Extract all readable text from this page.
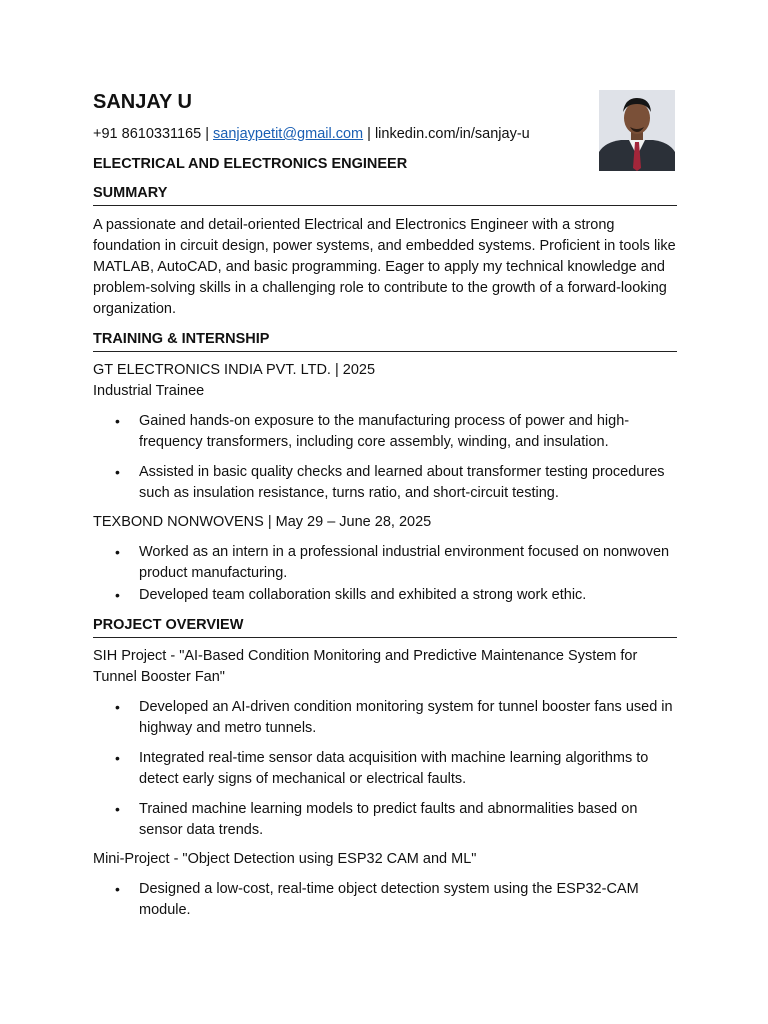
SANJAY U
+91 8610331165 | sanjaypetit@gmail.com | linkedin.com/in/sanjay-u
ELECTRICAL AND ELECTRONICS ENGINEER
SUMMARY
A passionate and detail-oriented Electrical and Electronics Engineer with a strong foundation in circuit design, power systems, and embedded systems. Proficient in tools like MATLAB, AutoCAD, and basic programming. Eager to apply my technical knowledge and problem-solving skills in a challenging role to contribute to the growth of a forward-looking organization.
TRAINING & INTERNSHIP
GT ELECTRONICS INDIA PVT. LTD. | 2025
Industrial Trainee
• Gained hands-on exposure to the manufacturing process of power and high-frequency transformers, including core assembly, winding, and insulation.
• Assisted in basic quality checks and learned about transformer testing procedures such as insulation resistance, turns ratio, and short-circuit testing.
TEXBOND NONWOVENS | May 29 – June 28, 2025
• Worked as an intern in a professional industrial environment focused on nonwoven product manufacturing.
• Developed team collaboration skills and exhibited a strong work ethic.
PROJECT OVERVIEW
SIH Project - "AI-Based Condition Monitoring and Predictive Maintenance System for Tunnel Booster Fan"
• Developed an AI-driven condition monitoring system for tunnel booster fans used in highway and metro tunnels.
• Integrated real-time sensor data acquisition with machine learning algorithms to detect early signs of mechanical or electrical faults.
• Trained machine learning models to predict faults and abnormalities based on sensor data trends.
Mini-Project - "Object Detection using ESP32 CAM and ML"
• Designed a low-cost, real-time object detection system using the ESP32-CAM module.
